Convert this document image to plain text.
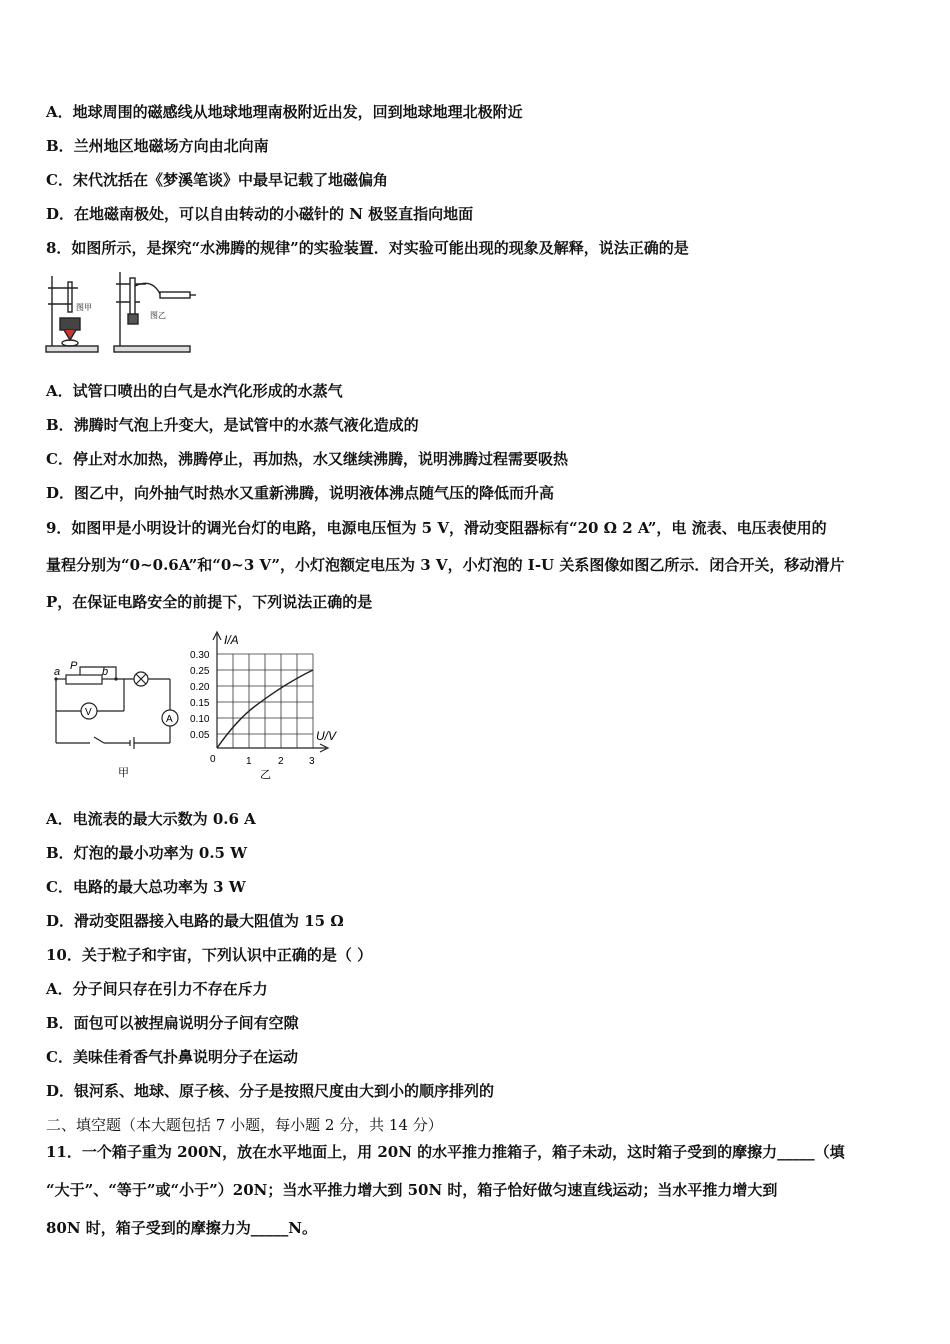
A．地球周围的磁感线从地球地理南极附近出发，回到地球地理北极附近
B．兰州地区地磁场方向由北向南
C．宋代沈括在《梦溪笔谈》中最早记载了地磁偏角
D．在地磁南极处，可以自由转动的小磁针的 N 极竖直指向地面
8．如图所示，是探究“水沸腾的规律”的实验装置．对实验可能出现的现象及解释，说法正确的是
图甲
图乙
A．试管口喷出的白气是水汽化形成的水蒸气
B．沸腾时气泡上升变大，是试管中的水蒸气液化造成的
C．停止对水加热，沸腾停止，再加热，水又继续沸腾，说明沸腾过程需要吸热
D．图乙中，向外抽气时热水又重新沸腾，说明液体沸点随气压的降低而升高
9．如图甲是小明设计的调光台灯的电路，电源电压恒为 5 V，滑动变阻器标有“20 Ω 2 A”，电 流表、电压表使用的
量程分别为“0~0.6A”和“0~3 V”，小灯泡额定电压为 3 V，小灯泡的 I-U 关系图像如图乙所示．闭合开关，移动滑片
P，在保证电路安全的前提下，下列说法正确的是
a P b
V
A
甲
I/A
U/V
0.30
0.25
0.20
0.15
0.10
0.05
0	1	2	3
乙
A．电流表的最大示数为 0.6 A
B．灯泡的最小功率为 0.5 W
C．电路的最大总功率为 3 W
D．滑动变阻器接入电路的最大阻值为 15 Ω
10．关于粒子和宇宙，下列认识中正确的是（ ）
A．分子间只存在引力不存在斥力
B．面包可以被捏扁说明分子间有空隙
C．美味佳肴香气扑鼻说明分子在运动
D．银河系、地球、原子核、分子是按照尺度由大到小的顺序排列的
二、填空题（本大题包括 7 小题，每小题 2 分，共 14 分）
11．一个箱子重为 200N，放在水平地面上，用 20N 的水平推力推箱子，箱子未动，这时箱子受到的摩擦力_____（填
“大于”、“等于”或“小于”）20N；当水平推力增大到 50N 时，箱子恰好做匀速直线运动；当水平推力增大到
80N 时，箱子受到的摩擦力为_____N。
